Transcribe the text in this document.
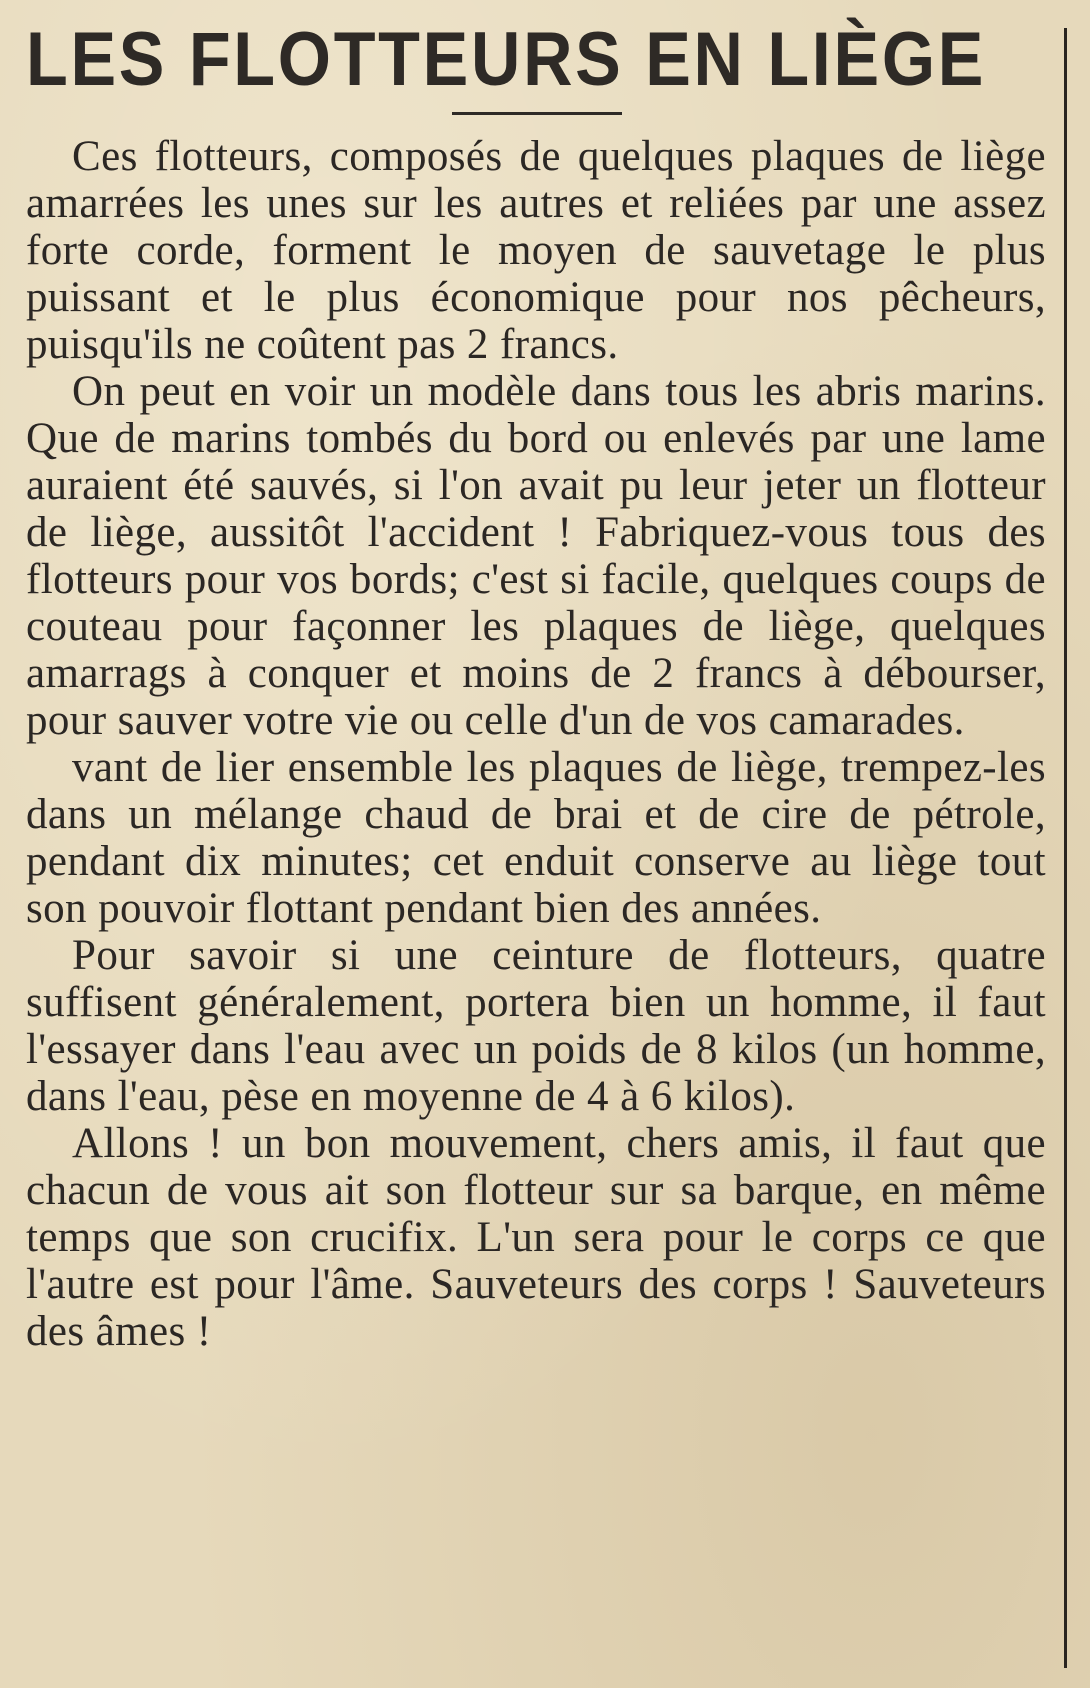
LES FLOTTEURS EN LIÈGE

Ces flotteurs, composés de quelques plaques de liège amarrées les unes sur les autres et reliées par une assez forte corde, forment le moyen de sauvetage le plus puissant et le plus économique pour nos pêcheurs, puisqu'ils ne coûtent pas 2 francs.

On peut en voir un modèle dans tous les abris marins. Que de marins tombés du bord ou enlevés par une lame auraient été sauvés, si l'on avait pu leur jeter un flotteur de liège, aussitôt l'accident ! Fabriquez-vous tous des flotteurs pour vos bords; c'est si facile, quelques coups de couteau pour façonner les plaques de liège, quelques amarrags à conquer et moins de 2 francs à débourser, pour sauver votre vie ou celle d'un de vos camarades.

vant de lier ensemble les plaques de liège, trempez-les dans un mélange chaud de brai et de cire de pétrole, pendant dix minutes; cet enduit conserve au liège tout son pouvoir flottant pendant bien des années.

Pour savoir si une ceinture de flotteurs, quatre suffisent généralement, portera bien un homme, il faut l'essayer dans l'eau avec un poids de 8 kilos (un homme, dans l'eau, pèse en moyenne de 4 à 6 kilos).

Allons ! un bon mouvement, chers amis, il faut que chacun de vous ait son flotteur sur sa barque, en même temps que son crucifix. L'un sera pour le corps ce que l'autre est pour l'âme. Sauveteurs des corps ! Sauveteurs des âmes !
